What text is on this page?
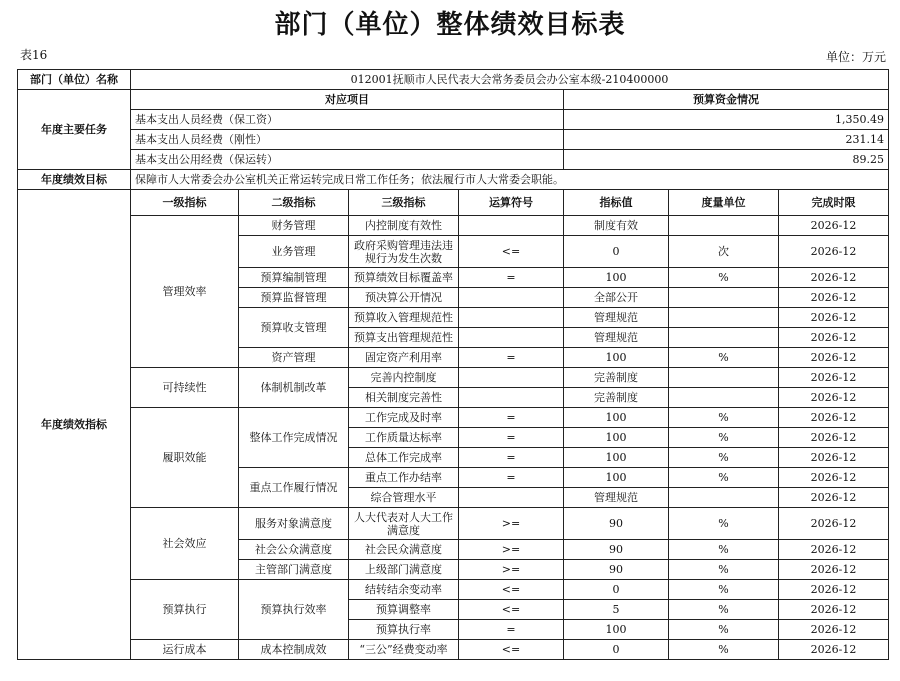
部门（单位）整体绩效目标表
表16	单位：万元
部门（单位）名称	012001抚顺市人民代表大会常务委员会办公室本级-210400000						
年度主要任务	对应项目				预算资金情况		
	基本支出人员经费（保工资）				1,350.49		
	基本支出人员经费（刚性）				231.14		
	基本支出公用经费（保运转）				89.25		
年度绩效目标	保障市人大常委会办公室机关正常运转完成日常工作任务；依法履行市人大常委会职能。						
年度绩效指标	一级指标	二级指标	三级指标	运算符号	指标值	度量单位	完成时限
	管理效率	财务管理	内控制度有效性		制度有效		2026-12
		业务管理	政府采购管理违法违规行为发生次数	<=	0	次	2026-12
		预算编制管理	预算绩效目标覆盖率	=	100	%	2026-12
		预算监督管理	预决算公开情况		全部公开		2026-12
		预算收支管理	预算收入管理规范性		管理规范		2026-12
			预算支出管理规范性		管理规范		2026-12
		资产管理	固定资产利用率	=	100	%	2026-12
	可持续性	体制机制改革	完善内控制度		完善制度		2026-12
			相关制度完善性		完善制度		2026-12
	履职效能	整体工作完成情况	工作完成及时率	=	100	%	2026-12
			工作质量达标率	=	100	%	2026-12
			总体工作完成率	=	100	%	2026-12
		重点工作履行情况	重点工作办结率	=	100	%	2026-12
			综合管理水平		管理规范		2026-12
	社会效应	服务对象满意度	人大代表对人大工作满意度	>=	90	%	2026-12
		社会公众满意度	社会民众满意度	>=	90	%	2026-12
		主管部门满意度	上级部门满意度	>=	90	%	2026-12
	预算执行	预算执行效率	结转结余变动率	<=	0	%	2026-12
			预算调整率	<=	5	%	2026-12
			预算执行率	=	100	%	2026-12
	运行成本	成本控制成效	“三公”经费变动率	<=	0	%	2026-12
